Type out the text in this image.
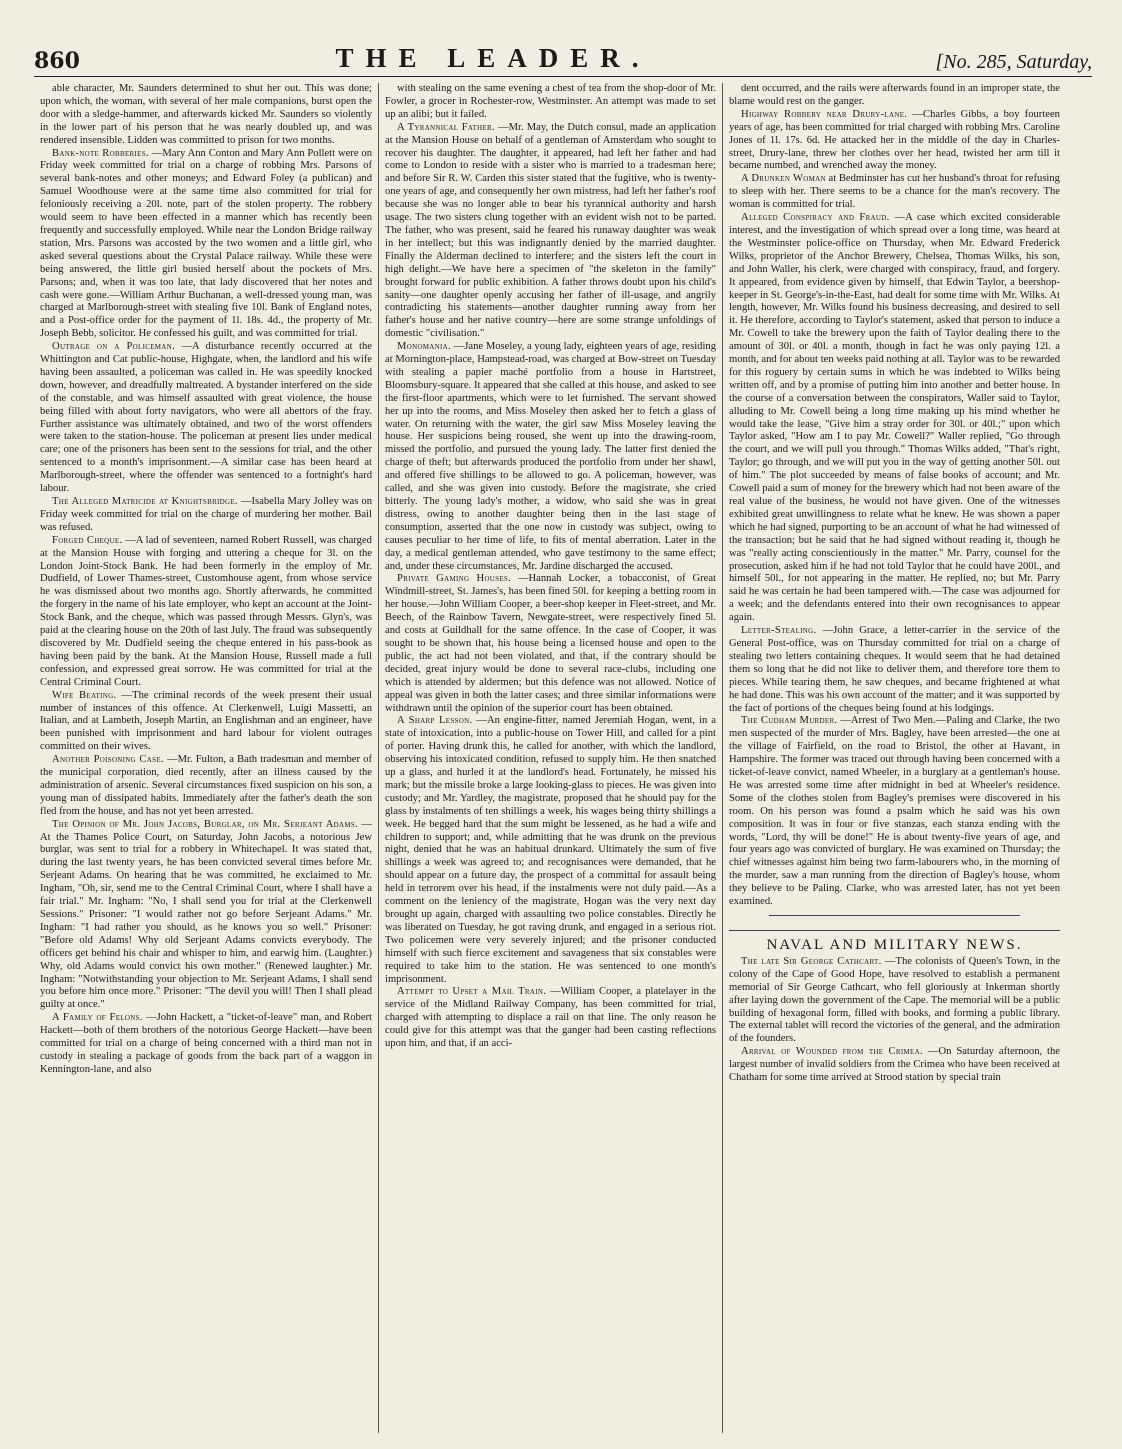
860	THE LEADER.	[No. 285, Saturday,

able character, Mr. Saunders determined to shut her out. This was done; upon which, the woman, with several of her male companions, burst open the door with a sledge-hammer, and afterwards kicked Mr. Saunders so violently in the lower part of his person that he was nearly doubled up, and was rendered insensible. Lidden was committed to prison for two months.

Bank-note Robberies. —Mary Ann Conton and Mary Ann Pollett were on Friday week committed for trial on a charge of robbing Mrs. Parsons of several bank-notes and other moneys; and Edward Foley (a publican) and Samuel Woodhouse were at the same time also committed for trial for feloniously receiving a 20l. note, part of the stolen property. The robbery would seem to have been effected in a manner which has recently been frequently and successfully employed. While near the London Bridge railway station, Mrs. Parsons was accosted by the two women and a little girl, who asked several questions about the Crystal Palace railway. While these were being answered, the little girl busied herself about the pockets of Mrs. Parsons; and, when it was too late, that lady discovered that her notes and cash were gone.—William Arthur Buchanan, a well-dressed young man, was charged at Marlborough-street with stealing five 10l. Bank of England notes, and a Post-office order for the payment of 1l. 18s. 4d., the property of Mr. Joseph Bebb, solicitor. He confessed his guilt, and was committed for trial.

Outrage on a Policeman. —A disturbance recently occurred at the Whittington and Cat public-house, Highgate, when, the landlord and his wife having been assaulted, a policeman was called in. He was speedily knocked down, however, and dreadfully maltreated. A bystander interfered on the side of the constable, and was himself assaulted with great violence, the house being filled with about forty navigators, who were all abettors of the fray. Further assistance was ultimately obtained, and two of the worst offenders were taken to the station-house. The policeman at present lies under medical care; one of the prisoners has been sent to the sessions for trial, and the other sentenced to a month's imprisonment.—A similar case has been heard at Marlborough-street, where the offender was sentenced to a fortnight's hard labour.

The Alleged Matricide at Knightsbridge. —Isabella Mary Jolley was on Friday week committed for trial on the charge of murdering her mother. Bail was refused.

Forged Cheque. —A lad of seventeen, named Robert Russell, was charged at the Mansion House with forging and uttering a cheque for 3l. on the London Joint-Stock Bank. He had been formerly in the employ of Mr. Dudfield, of Lower Thames-street, Customhouse agent, from whose service he was dismissed about two months ago. Shortly afterwards, he committed the forgery in the name of his late employer, who kept an account at the Joint-Stock Bank, and the cheque, which was passed through Messrs. Glyn's, was paid at the clearing house on the 20th of last July. The fraud was subsequently discovered by Mr. Dudfield seeing the cheque entered in his pass-book as having been paid by the bank. At the Mansion House, Russell made a full confession, and expressed great sorrow. He was committed for trial at the Central Criminal Court.

Wife Beating. —The criminal records of the week present their usual number of instances of this offence. At Clerkenwell, Luigi Massetti, an Italian, and at Lambeth, Joseph Martin, an Englishman and an engineer, have been punished with imprisonment and hard labour for violent outrages committed on their wives.

Another Poisoning Case. —Mr. Fulton, a Bath tradesman and member of the municipal corporation, died recently, after an illness caused by the administration of arsenic. Several circumstances fixed suspicion on his son, a young man of dissipated habits. Immediately after the father's death the son fled from the house, and has not yet been arrested.

The Opinion of Mr. John Jacobs, Burglar, on Mr. Serjeant Adams. —At the Thames Police Court, on Saturday, John Jacobs, a notorious Jew burglar, was sent to trial for a robbery in Whitechapel. It was stated that, during the last twenty years, he has been convicted several times before Mr. Serjeant Adams. On hearing that he was committed, he exclaimed to Mr. Ingham, "Oh, sir, send me to the Central Criminal Court, where I shall have a fair trial." Mr. Ingham: "No, I shall send you for trial at the Clerkenwell Sessions." Prisoner: "I would rather not go before Serjeant Adams." Mr. Ingham: "I had rather you should, as he knows you so well." Prisoner: "Before old Adams! Why old Serjeant Adams convicts everybody. The officers get behind his chair and whisper to him, and earwig him. (Laughter.) Why, old Adams would convict his own mother." (Renewed laughter.) Mr. Ingham: "Notwithstanding your objection to Mr. Serjeant Adams, I shall send you before him once more." Prisoner: "The devil you will! Then I shall plead guilty at once."

A Family of Felons. —John Hackett, a "ticket-of-leave" man, and Robert Hackett—both of them brothers of the notorious George Hackett—have been committed for trial on a charge of being concerned with a third man not in custody in stealing a package of goods from the back part of a waggon in Kennington-lane, and also

with stealing on the same evening a chest of tea from the shop-door of Mr. Fowler, a grocer in Rochester-row, Westminster. An attempt was made to set up an alibi; but it failed.

A Tyrannical Father. —Mr. May, the Dutch consul, made an application at the Mansion House on behalf of a gentleman of Amsterdam who sought to recover his daughter. The daughter, it appeared, had left her father and had come to London to reside with a sister who is married to a tradesman here; and before Sir R. W. Carden this sister stated that the fugitive, who is twenty-one years of age, and consequently her own mistress, had left her father's roof because she was no longer able to bear his tyrannical authority and harsh usage. The two sisters clung together with an evident wish not to be parted. The father, who was present, said he feared his runaway daughter was weak in her intellect; but this was indignantly denied by the married daughter. Finally the Alderman declined to interfere; and the sisters left the court in high delight.—We have here a specimen of "the skeleton in the family" brought forward for public exhibition. A father throws doubt upon his child's sanity—one daughter openly accusing her father of ill-usage, and angrily contradicting his statements—another daughter running away from her father's house and her native country—here are some strange unfoldings of domestic "civilisation."

Monomania. —Jane Moseley, a young lady, eighteen years of age, residing at Mornington-place, Hampstead-road, was charged at Bow-street on Tuesday with stealing a papier maché portfolio from a house in Hartstreet, Bloomsbury-square. It appeared that she called at this house, and asked to see the first-floor apartments, which were to let furnished. The servant showed her up into the rooms, and Miss Moseley then asked her to fetch a glass of water. On returning with the water, the girl saw Miss Moseley leaving the house. Her suspicions being roused, she went up into the drawing-room, missed the portfolio, and pursued the young lady. The latter first denied the charge of theft; but afterwards produced the portfolio from under her shawl, and offered five shillings to be allowed to go. A policeman, however, was called, and she was given into custody. Before the magistrate, she cried bitterly. The young lady's mother, a widow, who said she was in great distress, owing to another daughter being then in the last stage of consumption, asserted that the one now in custody was subject, owing to causes peculiar to her time of life, to fits of mental aberration. Later in the day, a medical gentleman attended, who gave testimony to the same effect; and, under these circumstances, Mr. Jardine discharged the accused.

Private Gaming Houses. —Hannah Locker, a tobacconist, of Great Windmill-street, St. James's, has been fined 50l. for keeping a betting room in her house.—John William Cooper, a beer-shop keeper in Fleet-street, and Mr. Beech, of the Rainbow Tavern, Newgate-street, were respectively fined 5l. and costs at Guildhall for the same offence. In the case of Cooper, it was sought to be shown that, his house being a licensed house and open to the public, the act had not been violated, and that, if the contrary should be decided, great injury would be done to several race-clubs, including one which is attended by aldermen; but this defence was not allowed. Notice of appeal was given in both the latter cases; and three similar informations were withdrawn until the opinion of the superior court has been obtained.

A Sharp Lesson. —An engine-fitter, named Jeremiah Hogan, went, in a state of intoxication, into a public-house on Tower Hill, and called for a pint of porter. Having drunk this, he called for another, with which the landlord, observing his intoxicated condition, refused to supply him. He then snatched up a glass, and hurled it at the landlord's head. Fortunately, he missed his mark; but the missile broke a large looking-glass to pieces. He was given into custody; and Mr. Yardley, the magistrate, proposed that he should pay for the glass by instalments of ten shillings a week, his wages being thirty shillings a week. He begged hard that the sum might be lessened, as he had a wife and children to support; and, while admitting that he was drunk on the previous night, denied that he was an habitual drunkard. Ultimately the sum of five shillings a week was agreed to; and recognisances were demanded, that he should appear on a future day, the prospect of a committal for assault being held in terrorem over his head, if the instalments were not duly paid.—As a comment on the leniency of the magistrate, Hogan was the very next day brought up again, charged with assaulting two police constables. Directly he was liberated on Tuesday, he got raving drunk, and engaged in a serious riot. Two policemen were very severely injured; and the prisoner conducted himself with such fierce excitement and savageness that six constables were required to take him to the station. He was sentenced to one month's imprisonment.

Attempt to Upset a Mail Train. —William Cooper, a platelayer in the service of the Midland Railway Company, has been committed for trial, charged with attempting to displace a rail on that line. The only reason he could give for this attempt was that the ganger had been casting reflections upon him, and that, if an acci-

dent occurred, and the rails were afterwards found in an improper state, the blame would rest on the ganger.

Highway Robbery near Drury-lane. —Charles Gibbs, a boy fourteen years of age, has been committed for trial charged with robbing Mrs. Caroline Jones of 1l. 17s. 6d. He attacked her in the middle of the day in Charles-street, Drury-lane, threw her clothes over her head, twisted her arm till it became numbed, and wrenched away the money.

A Drunken Woman at Bedminster has cut her husband's throat for refusing to sleep with her. There seems to be a chance for the man's recovery. The woman is committed for trial.

Alleged Conspiracy and Fraud. —A case which excited considerable interest, and the investigation of which spread over a long time, was heard at the Westminster police-office on Thursday, when Mr. Edward Frederick Wilks, proprietor of the Anchor Brewery, Chelsea, Thomas Wilks, his son, and John Waller, his clerk, were charged with conspiracy, fraud, and forgery. It appeared, from evidence given by himself, that Edwin Taylor, a beershop-keeper in St. George's-in-the-East, had dealt for some time with Mr. Wilks. At length, however, Mr. Wilks found his business decreasing, and desired to sell it. He therefore, according to Taylor's statement, asked that person to induce a Mr. Cowell to take the brewery upon the faith of Taylor dealing there to the amount of 30l. or 40l. a month, though in fact he was only paying 12l. a month, and for about ten weeks paid nothing at all. Taylor was to be rewarded for this roguery by certain sums in which he was indebted to Wilks being written off, and by a promise of putting him into another and better house. In the course of a conversation between the conspirators, Waller said to Taylor, alluding to Mr. Cowell being a long time making up his mind whether he would take the lease, "Give him a stray order for 30l. or 40l.;" upon which Taylor asked, "How am I to pay Mr. Cowell?" Waller replied, "Go through the court, and we will pull you through." Thomas Wilks added, "That's right, Taylor; go through, and we will put you in the way of getting another 50l. out of him." The plot succeeded by means of false books of account; and Mr. Cowell paid a sum of money for the brewery which had not been aware of the real value of the business, he would not have given. One of the witnesses exhibited great unwillingness to relate what he knew. He was shown a paper which he had signed, purporting to be an account of what he had witnessed of the transaction; but he said that he had signed without reading it, though he was "really acting conscientiously in the matter." Mr. Parry, counsel for the prosecution, asked him if he had not told Taylor that he could have 200l., and himself 50l., for not appearing in the matter. He replied, no; but Mr. Parry said he was certain he had been tampered with.—The case was adjourned for a week; and the defendants entered into their own recognisances to appear again.

Letter-Stealing. —John Grace, a letter-carrier in the service of the General Post-office, was on Thursday committed for trial on a charge of stealing two letters containing cheques. It would seem that he had detained them so long that he did not like to deliver them, and therefore tore them to pieces. While tearing them, he saw cheques, and became frightened at what he had done. This was his own account of the matter; and it was supported by the fact of portions of the cheques being found at his lodgings.

The Cudham Murder. —Arrest of Two Men.—Paling and Clarke, the two men suspected of the murder of Mrs. Bagley, have been arrested—the one at the village of Fairfield, on the road to Bristol, the other at Havant, in Hampshire. The former was traced out through having been concerned with a ticket-of-leave convict, named Wheeler, in a burglary at a gentleman's house. He was arrested some time after midnight in bed at Wheeler's residence. Some of the clothes stolen from Bagley's premises were discovered in his room. On his person was found a psalm which he said was his own composition. It was in four or five stanzas, each stanza ending with the words, "Lord, thy will be done!" He is about twenty-five years of age, and four years ago was convicted of burglary. He was examined on Thursday; the chief witnesses against him being two farm-labourers who, in the morning of the murder, saw a man running from the direction of Bagley's house, whom they believe to be Paling. Clarke, who was arrested later, has not yet been examined.

NAVAL AND MILITARY NEWS.

The late Sir George Cathcart. —The colonists of Queen's Town, in the colony of the Cape of Good Hope, have resolved to establish a permanent memorial of Sir George Cathcart, who fell gloriously at Inkerman shortly after laying down the government of the Cape. The memorial will be a public building of hexagonal form, filled with books, and forming a public library. The external tablet will record the victories of the general, and the admiration of the founders.

Arrival of Wounded from the Crimea. —On Saturday afternoon, the largest number of invalid soldiers from the Crimea who have been received at Chatham for some time arrived at Strood station by special train
